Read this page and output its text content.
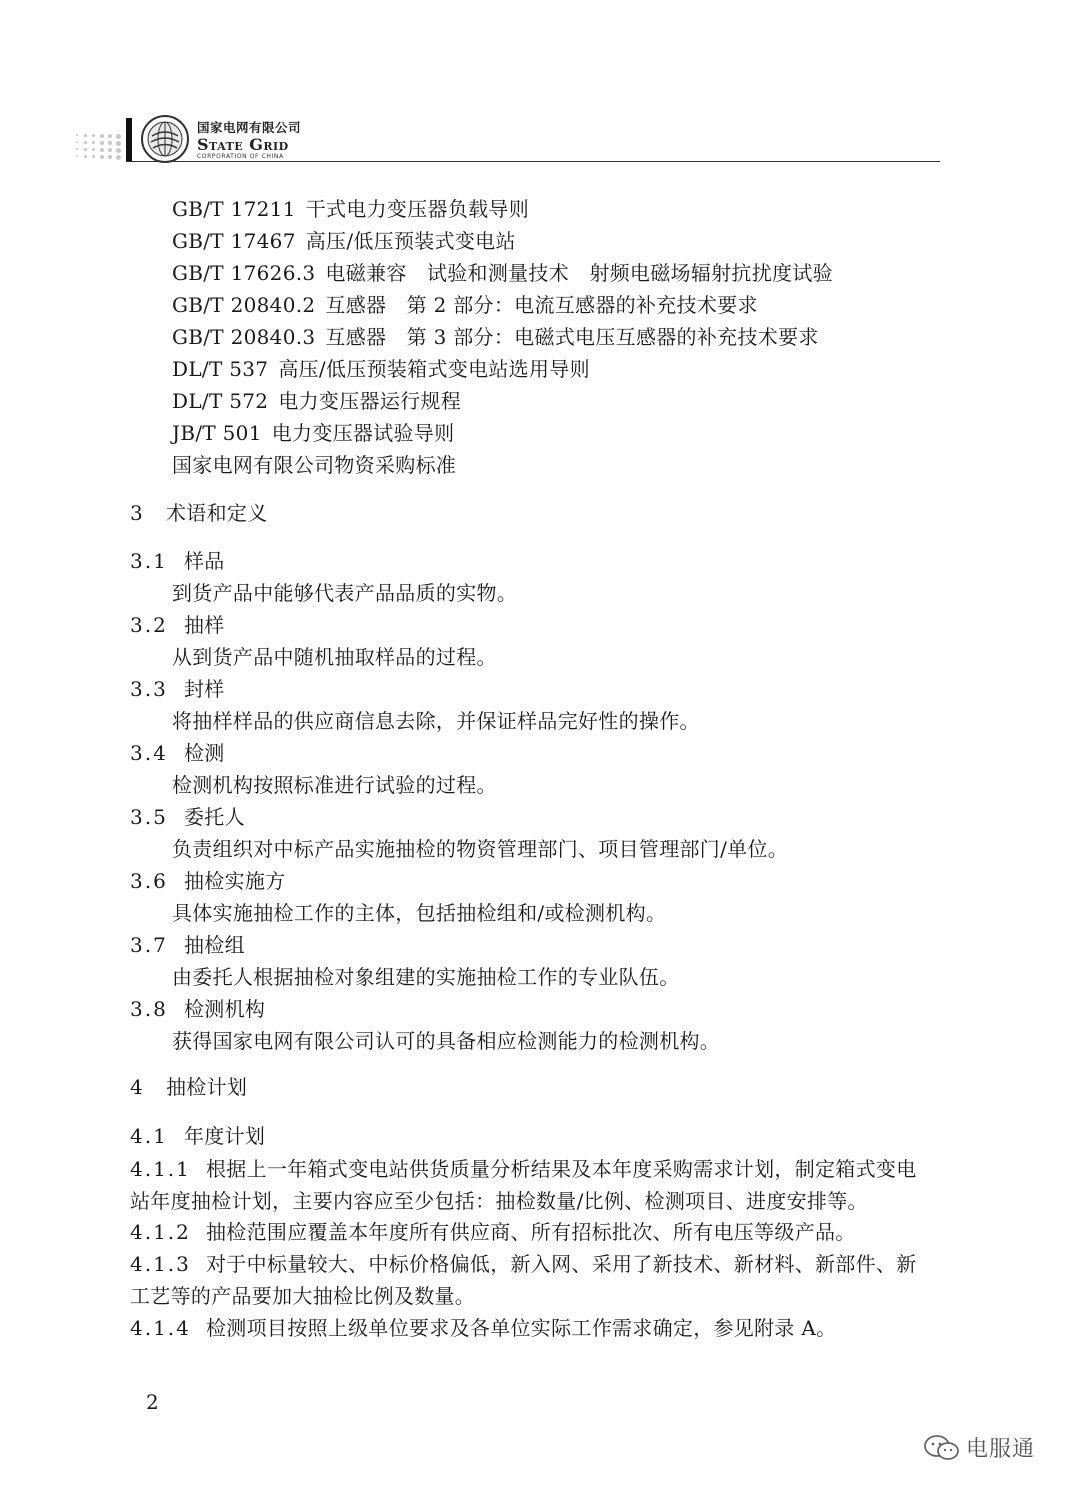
国家电网有限公司
State Grid
CORPORATION OF CHINA
GB/T 17211 干式电力变压器负载导则
GB/T 17467 高压/低压预装式变电站
GB/T 17626.3 电磁兼容　试验和测量技术　射频电磁场辐射抗扰度试验
GB/T 20840.2 互感器　第 2 部分：电流互感器的补充技术要求
GB/T 20840.3 互感器　第 3 部分：电磁式电压互感器的补充技术要求
DL/T 537 高压/低压预装箱式变电站选用导则
DL/T 572 电力变压器运行规程
JB/T 501 电力变压器试验导则
国家电网有限公司物资采购标准
3 术语和定义
3.1 样品
到货产品中能够代表产品品质的实物。
3.2 抽样
从到货产品中随机抽取样品的过程。
3.3 封样
将抽样样品的供应商信息去除，并保证样品完好性的操作。
3.4 检测
检测机构按照标准进行试验的过程。
3.5 委托人
负责组织对中标产品实施抽检的物资管理部门、项目管理部门/单位。
3.6 抽检实施方
具体实施抽检工作的主体，包括抽检组和/或检测机构。
3.7 抽检组
由委托人根据抽检对象组建的实施抽检工作的专业队伍。
3.8 检测机构
获得国家电网有限公司认可的具备相应检测能力的检测机构。
4 抽检计划
4.1 年度计划
4.1.1 根据上一年箱式变电站供货质量分析结果及本年度采购需求计划，制定箱式变电
站年度抽检计划，主要内容应至少包括：抽检数量/比例、检测项目、进度安排等。
4.1.2 抽检范围应覆盖本年度所有供应商、所有招标批次、所有电压等级产品。
4.1.3 对于中标量较大、中标价格偏低，新入网、采用了新技术、新材料、新部件、新
工艺等的产品要加大抽检比例及数量。
4.1.4 检测项目按照上级单位要求及各单位实际工作需求确定，参见附录 A。
2
电服通
